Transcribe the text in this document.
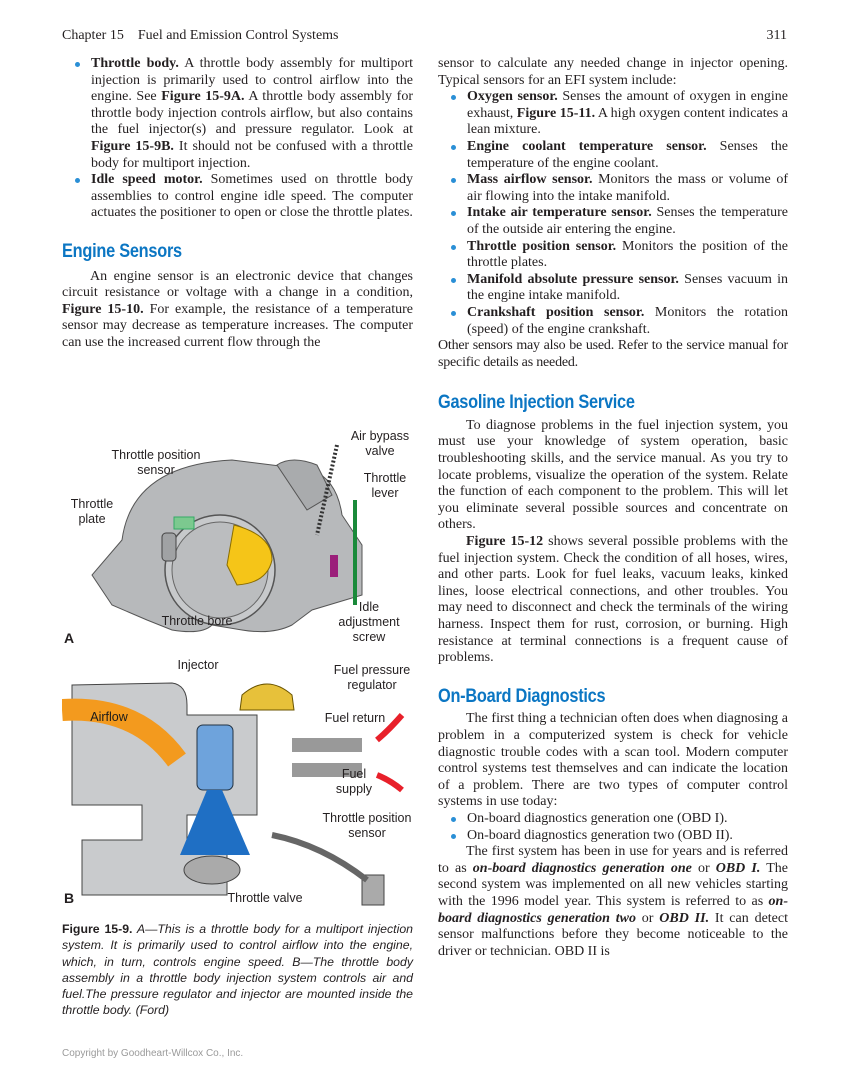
Chapter 15    Fuel and Emission Control Systems	311
Throttle body. A throttle body assembly for multiport injection is primarily used to control airflow into the engine. See Figure 15-9A. A throttle body assembly for throttle body injection controls airflow, but also contains the fuel injector(s) and pressure regulator. Look at Figure 15-9B. It should not be confused with a throttle body for multiport injection.
Idle speed motor. Sometimes used on throttle body assemblies to control engine idle speed. The computer actuates the positioner to open or close the throttle plates.
Engine Sensors

An engine sensor is an electronic device that changes circuit resistance or voltage with a change in a condition, Figure 15-10. For example, the resistance of a temperature sensor may decrease as temperature increases. The computer can use the increased current flow through the

Air bypass valve
Throttle position sensor
Throttle lever
Throttle plate
Throttle bore
Idle adjustment screw
A
Injector	Fuel pressure regulator
Airflow	Fuel return
Fuel supply
Throttle position sensor
Throttle valve
B
Figure 15-9. A—This is a throttle body for a multiport injection system. It is primarily used to control airflow into the engine, which, in turn, controls engine speed. B—The throttle body assembly in a throttle body injection system controls air and fuel.The pressure regulator and injector are mounted inside the throttle body. (Ford)

sensor to calculate any needed change in injector opening. Typical sensors for an EFI system include:

Oxygen sensor. Senses the amount of oxygen in engine exhaust, Figure 15-11. A high oxygen content indicates a lean mixture.
Engine coolant temperature sensor. Senses the temperature of the engine coolant.
Mass airflow sensor. Monitors the mass or volume of air flowing into the intake manifold.
Intake air temperature sensor. Senses the temperature of the outside air entering the engine.
Throttle position sensor. Monitors the position of the throttle plates.
Manifold absolute pressure sensor. Senses vacuum in the engine intake manifold.
Crankshaft position sensor. Monitors the rotation (speed) of the engine crankshaft.

Other sensors may also be used. Refer to the service manual for specific details as needed.

Gasoline Injection Service

To diagnose problems in the fuel injection system, you must use your knowledge of system operation, basic troubleshooting skills, and the service manual. As you try to locate problems, visualize the operation of the system. Relate the function of each component to the problem. This will let you eliminate several possible sources and concentrate on others.

Figure 15-12 shows several possible problems with the fuel injection system. Check the condition of all hoses, wires, and other parts. Look for fuel leaks, vacuum leaks, kinked lines, loose electrical connections, and other troubles. You may need to disconnect and check the terminals of the wiring harness. Inspect them for rust, corrosion, or burning. High resistance at terminal connections is a frequent cause of problems.

On-Board Diagnostics

The first thing a technician often does when diagnosing a problem in a computerized system is check for vehicle diagnostic trouble codes with a scan tool. Modern computer control systems test themselves and can indicate the location of a problem. There are two types of computer control systems in use today:

On-board diagnostics generation one (OBD I).
On-board diagnostics generation two (OBD II).

The first system has been in use for years and is referred to as on-board diagnostics generation one or OBD I. The second system was implemented on all new vehicles starting with the 1996 model year. This system is referred to as on-board diagnostics generation two or OBD II. It can detect sensor malfunctions before they become noticeable to the driver or technician. OBD II is

Copyright by Goodheart-Willcox Co., Inc.
